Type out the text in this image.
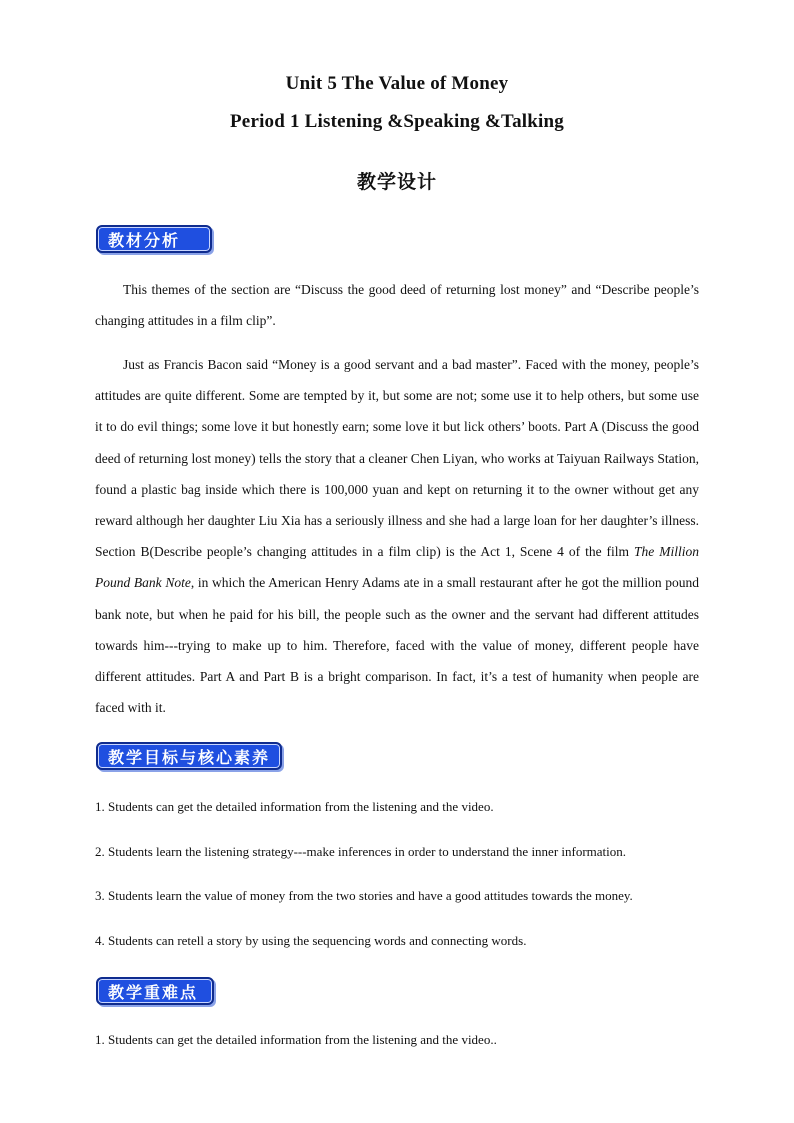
Unit 5 The Value of Money
Period 1 Listening &Speaking &Talking
教学设计
教材分析
This themes of the section are “Discuss the good deed of returning lost money” and “Describe people’s changing attitudes in a film clip”.
Just as Francis Bacon said “Money is a good servant and a bad master”. Faced with the money, people’s attitudes are quite different. Some are tempted by it, but some are not; some use it to help others, but some use it to do evil things; some love it but honestly earn; some love it but lick others’ boots. Part A (Discuss the good deed of returning lost money) tells the story that a cleaner Chen Liyan, who works at Taiyuan Railways Station, found a plastic bag inside which there is 100,000 yuan and kept on returning it to the owner without get any reward although her daughter Liu Xia has a seriously illness and she had a large loan for her daughter’s illness. Section B(Describe people’s changing attitudes in a film clip) is the Act 1, Scene 4 of the film The Million Pound Bank Note, in which the American Henry Adams ate in a small restaurant after he got the million pound bank note, but when he paid for his bill, the people such as the owner and the servant had different attitudes towards him---trying to make up to him. Therefore, faced with the value of money, different people have different attitudes. Part A and Part B is a bright comparison. In fact, it’s a test of humanity when people are faced with it.
教学目标与核心素养
1. Students can get the detailed information from the listening and the video.
2. Students learn the listening strategy---make inferences in order to understand the inner information.
3. Students learn the value of money from the two stories and have a good attitudes towards the money.
4. Students can retell a story by using the sequencing words and connecting words.
教学重难点
1. Students can get the detailed information from the listening and the video..
